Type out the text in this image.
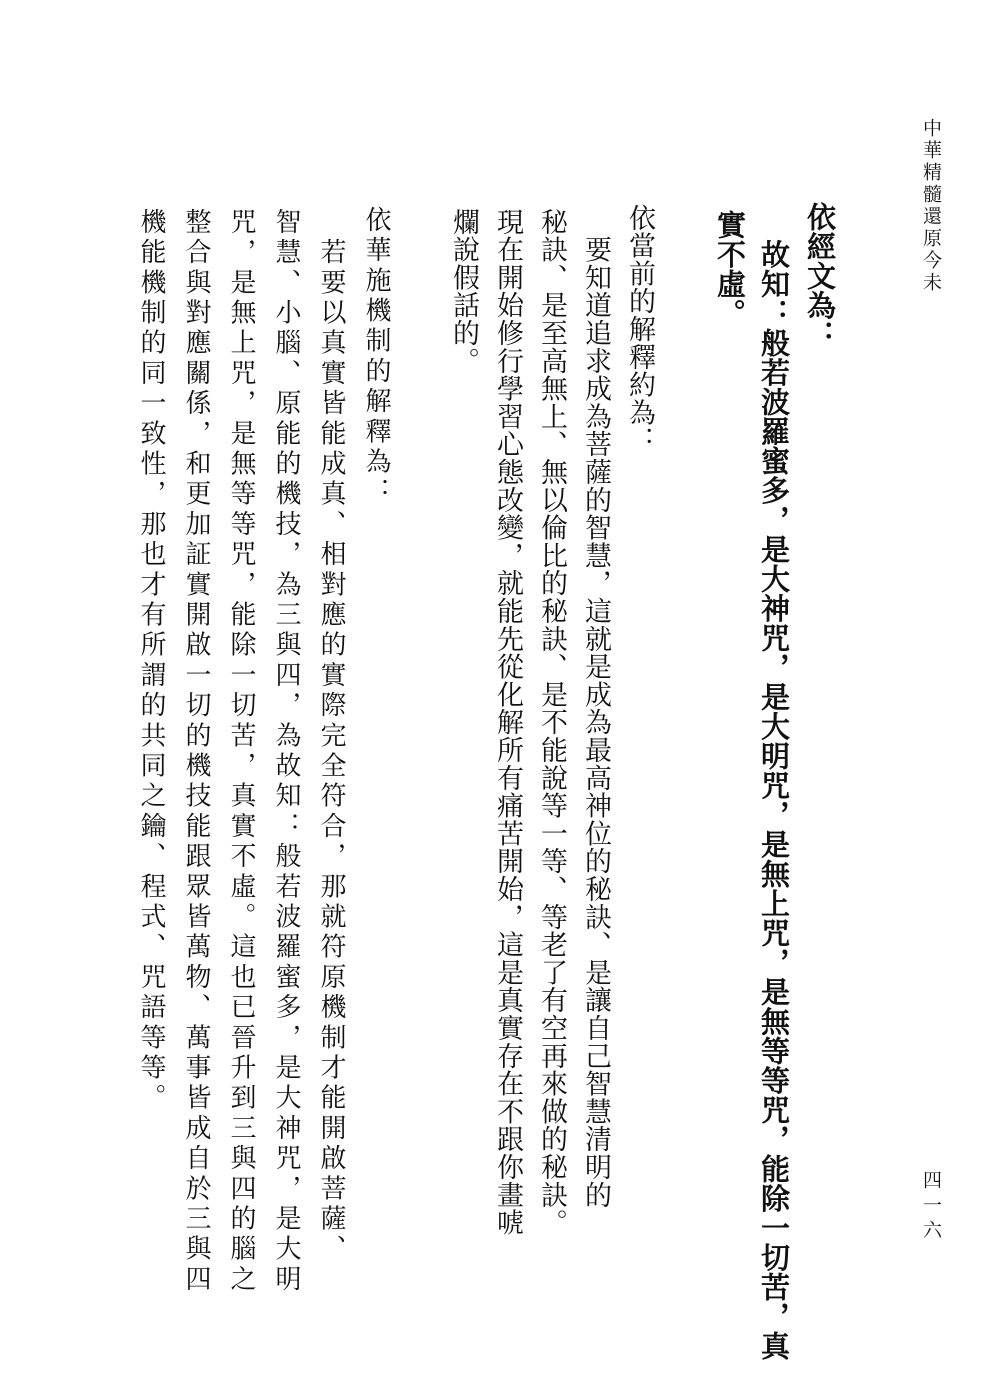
中華精髓還原今未
四一六
依經文為：
　故知：般若波羅蜜多，是大神咒，是大明咒，是無上咒，是無等等咒，能除一切苦，真
實不虛。
依當前的解釋約為：
　要知道追求成為菩薩的智慧，這就是成為最高神位的秘訣、是讓自己智慧清明的
秘訣、是至高無上、無以倫比的秘訣、是不能說等一等、等老了有空再來做的秘訣。
現在開始修行學習心態改變，就能先從化解所有痛苦開始，這是真實存在不跟你畫唬
爛說假話的。
依華施機制的解釋為：
　若要以真實皆能成真、相對應的實際完全符合，那就符原機制才能開啟菩薩、
智慧、小腦、原能的機技，為三與四，為故知：般若波羅蜜多，是大神咒，是大明
咒，是無上咒，是無等等咒，能除一切苦，真實不虛。這也已晉升到三與四的腦之
整合與對應關係，和更加証實開啟一切的機技能跟眾皆萬物、萬事皆成自於三與四
機能機制的同一致性，那也才有所謂的共同之鑰、程式、咒語等等。
